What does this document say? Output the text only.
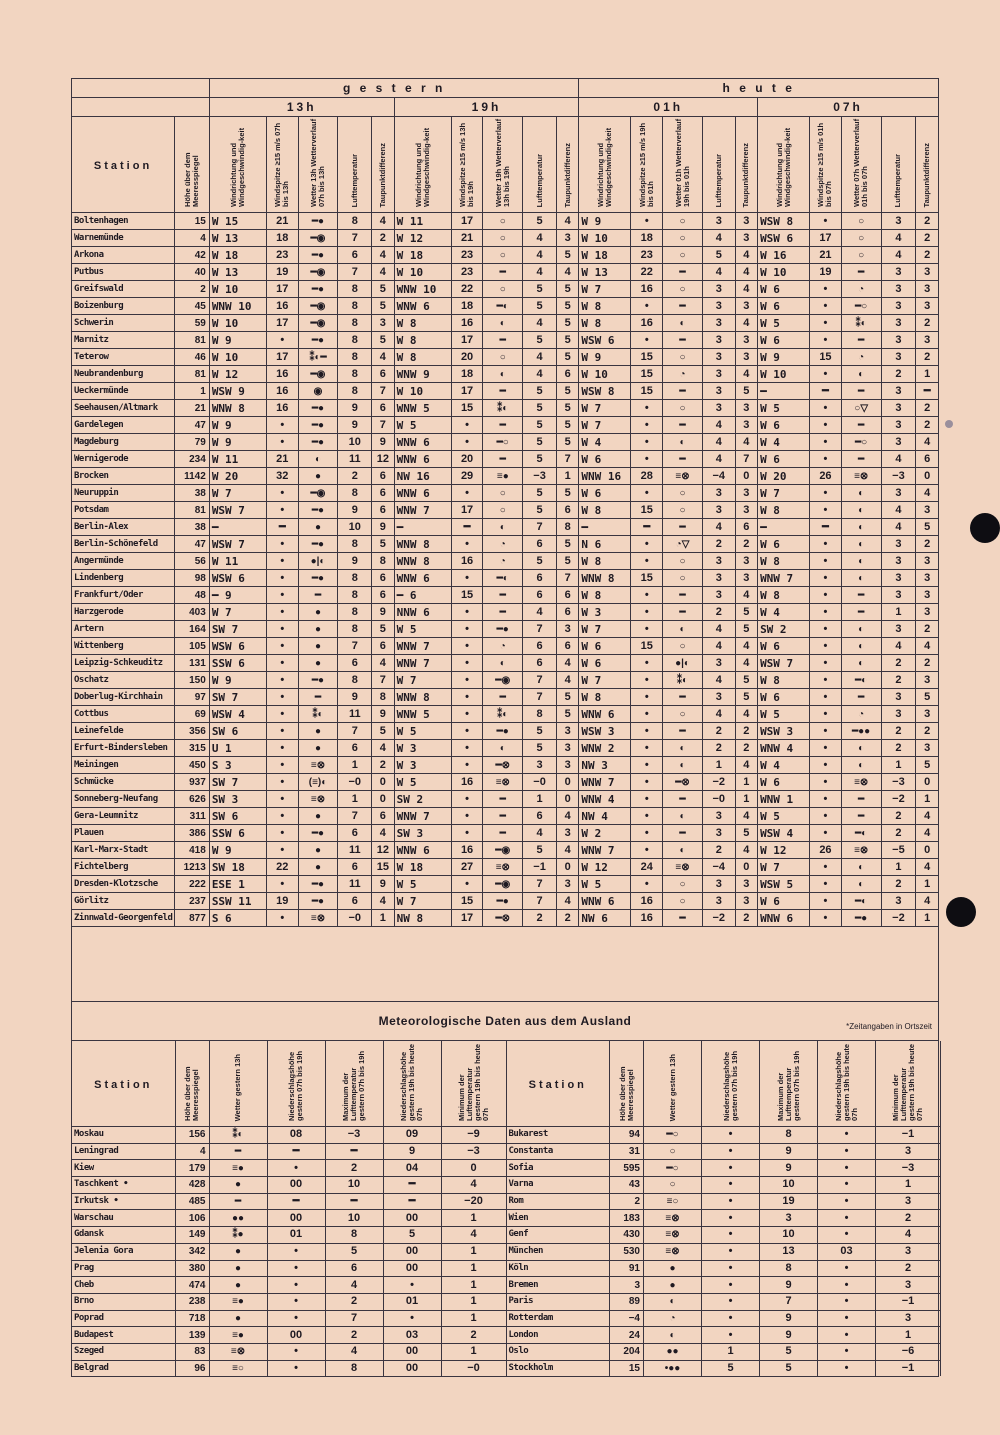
		g e s t e r n										h e u t e									
		13h					19h					01h					07h				
Station	Höhe über dem Meeresspiegel	Windrichtung und Windgeschwindig-keit	Windspitze ≥15 m/s 07h bis 13h	Wetter 13h Wetterverlauf 07h bis 13h	Lufttemperatur	Taupunktdifferenz	Windrichtung und Windgeschwindig-keit	Windspitze ≥15 m/s 13h bis 19h	Wetter 19h Wetterverlauf 13h bis 19h	Lufttemperatur	Taupunktdifferenz	Windrichtung und Windgeschwindig-keit	Windspitze ≥15 m/s 19h bis 01h	Wetter 01h Wetterverlauf 19h bis 01h	Lufttemperatur	Taupunktdifferenz	Windrichtung und Windgeschwindig-keit	Windspitze ≥15 m/s 01h bis 07h	Wetter 07h Wetterverlauf 01h bis 07h	Lufttemperatur	Taupunktdifferenz
Boltenhagen	15	W 15	21	━●	8	4	W 11	17	○	5	4	W 9	•	○	3	3	WSW 8	•	○	3	2
Warnemünde	4	W 13	18	━◉	7	2	W 12	21	○	4	3	W 10	18	○	4	3	WSW 6	17	○	4	2
Arkona	42	W 18	23	━●	6	4	W 18	23	○	4	5	W 18	23	○	5	4	W 16	21	○	4	2
Putbus	40	W 13	19	━◉	7	4	W 10	23	━	4	4	W 13	22	━	4	4	W 10	19	━	3	3
Greifswald	2	W 10	17	━●	8	5	WNW 10	22	○	5	5	W 7	16	○	3	4	W 6	•	◔	3	3
Boizenburg	45	WNW 10	16	━◉	8	5	WNW 6	18	━◐	5	5	W 8	•	━	3	3	W 6	•	━○	3	3
Schwerin	59	W 10	17	━◉	8	3	W 8	16	◐	4	5	W 8	16	◐	3	4	W 5	•	⁑◐	3	2
Marnitz	81	W 9	•	━●	8	5	W 8	17	━	5	5	WSW 6	•	━	3	3	W 6	•	━	3	3
Teterow	46	W 10	17	⁑◐━	8	4	W 8	20	○	4	5	W 9	15	○	3	3	W 9	15	◔	3	2
Neubrandenburg	81	W 12	16	━◉	8	6	WNW 9	18	◐	4	6	W 10	15	◔	3	4	W 10	•	◐	2	1
Ueckermünde	1	WSW 9	16	◉	8	7	W 10	17	━	5	5	WSW 8	15	━	3	5	━	━	━	3	━
Seehausen/Altmark	21	WNW 8	16	━●	9	6	WNW 5	15	⁑◐	5	5	W 7	•	○	3	3	W 5	•	○▽	3	2
Gardelegen	47	W 9	•	━●	9	7	W 5	•	━	5	5	W 7	•	━	4	3	W 6	•	━	3	2
Magdeburg	79	W 9	•	━●	10	9	WNW 6	•	━○	5	5	W 4	•	◐	4	4	W 4	•	━○	3	4
Wernigerode	234	W 11	21	◐	11	12	WNW 6	20	━	5	7	W 6	•	━	4	7	W 6	•	━	4	6
Brocken	1142	W 20	32	●	2	6	NW 16	29	≡●	−3	1	WNW 16	28	≡⊗	−4	0	W 20	26	≡⊗	−3	0
Neuruppin	38	W 7	•	━◉	8	6	WNW 6	•	○	5	5	W 6	•	○	3	3	W 7	•	◐	3	4
Potsdam	81	WSW 7	•	━●	9	6	WNW 7	17	○	5	6	W 8	15	○	3	3	W 8	•	◐	4	3
Berlin-Alex	38	━	━	●	10	9	━	━	◐	7	8	━	━	━	4	6	━	━	◐	4	5
Berlin-Schönefeld	47	WSW 7	•	━●	8	5	WNW 8	•	◔	6	5	N 6	•	◔▽	2	2	W 6	•	◐	3	2
Angermünde	56	W 11	•	●|◐	9	8	WNW 8	16	◔	5	5	W 8	•	○	3	3	W 8	•	◐	3	3
Lindenberg	98	WSW 6	•	━●	8	6	WNW 6	•	━◐	6	7	WNW 8	15	○	3	3	WNW 7	•	◐	3	3
Frankfurt/Oder	48	━ 9	•	━	8	6	━ 6	15	━	6	6	W 8	•	━	3	4	W 8	•	━	3	3
Harzgerode	403	W 7	•	●	8	9	NNW 6	•	━	4	6	W 3	•	━	2	5	W 4	•	━	1	3
Artern	164	SW 7	•	●	8	5	W 5	•	━●	7	3	W 7	•	◐	4	5	SW 2	•	◐	3	2
Wittenberg	105	WSW 6	•	●	7	6	WNW 7	•	◔	6	6	W 6	15	○	4	4	W 6	•	◐	4	4
Leipzig-Schkeuditz	131	SSW 6	•	●	6	4	WNW 7	•	◐	6	4	W 6	•	●|◐	3	4	WSW 7	•	◐	2	2
Oschatz	150	W 9	•	━●	8	7	W 7	•	━◉	7	4	W 7	•	⁑◐	4	5	W 8	•	━◐	2	3
Doberlug-Kirchhain	97	SW 7	•	━	9	8	WNW 8	•	━	7	5	W 8	•	━	3	5	W 6	•	━	3	5
Cottbus	69	WSW 4	•	⁑◐	11	9	WNW 5	•	⁑◐	8	5	WNW 6	•	○	4	4	W 5	•	◔	3	3
Leinefelde	356	SW 6	•	●	7	5	W 5	•	━●	5	3	WSW 3	•	━	2	2	WSW 3	•	━●●	2	2
Erfurt-Bindersleben	315	U 1	•	●	6	4	W 3	•	◐	5	3	WNW 2	•	◐	2	2	WNW 4	•	◐	2	3
Meiningen	450	S 3	•	≡⊗	1	2	W 3	•	━⊗	3	3	NW 3	•	◐	1	4	W 4	•	◐	1	5
Schmücke	937	SW 7	•	(≡)◐	−0	0	W 5	16	≡⊗	−0	0	WNW 7	•	━⊗	−2	1	W 6	•	≡⊗	−3	0
Sonneberg-Neufang	626	SW 3	•	≡⊗	1	0	SW 2	•	━	1	0	WNW 4	•	━	−0	1	WNW 1	•	━	−2	1
Gera-Leumnitz	311	SW 6	•	●	7	6	WNW 7	•	━	6	4	NW 4	•	◐	3	4	W 5	•	━	2	4
Plauen	386	SSW 6	•	━●	6	4	SW 3	•	━	4	3	W 2	•	━	3	5	WSW 4	•	━◐	2	4
Karl-Marx-Stadt	418	W 9	•	●	11	12	WNW 6	16	━◉	5	4	WNW 7	•	◐	2	4	W 12	26	≡⊗	−5	0
Fichtelberg	1213	SW 18	22	●	6	15	W 18	27	≡⊗	−1	0	W 12	24	≡⊗	−4	0	W 7	•	◐	1	4
Dresden-Klotzsche	222	ESE 1	•	━●	11	9	W 5	•	━◉	7	3	W 5	•	○	3	3	WSW 5	•	◐	2	1
Görlitz	237	SSW 11	19	━●	6	4	W 7	15	━●	7	4	WNW 6	16	○	3	3	W 6	•	━◐	3	4
Zinnwald-Georgenfeld	877	S 6	•	≡⊗	−0	1	NW 8	17	━⊗	2	2	NW 6	16	━	−2	2	WNW 6	•	━●	−2	1
Meteorologische Daten aus dem Ausland	*Zeitangaben in Ortszeit
Station	Höhe über dem Meeresspiegel	Wetter gestern 13h	Niederschlagshöhe gestern 07h bis 19h	Maximum der Lufttemperatur gestern 07h bis 19h	Niederschlagshöhe gestern 19h bis heute 07h	Minimum der Lufttemperatur gestern 19h bis heute 07h
Moskau	156	⁑◐	08	−3	09	−9
Leningrad	4	━	━	━	9	−3
Kiew	179	≡●	•	2	04	0
Taschkent •	428	●	00	10	━	4
Irkutsk •	485	━	━	━	━	−20
Warschau	106	●●	00	10	00	1
Gdansk	149	⁑●	01	8	5	4
Jelenia Gora	342	●	•	5	00	1
Prag	380	●	•	6	00	1
Cheb	474	●	•	4	•	1
Brno	238	≡●	•	2	01	1
Poprad	718	●	•	7	•	1
Budapest	139	≡●	00	2	03	2
Szeged	83	≡⊗	•	4	00	1
Belgrad	96	≡○	•	8	00	−0
Station	Höhe über dem Meeresspiegel	Wetter gestern 13h	Niederschlagshöhe gestern 07h bis 19h	Maximum der Lufttemperatur gestern 07h bis 19h	Niederschlagshöhe gestern 19h bis heute 07h	Minimum der Lufttemperatur gestern 19h bis heute 07h
Bukarest	94	━○	•	8	•	−1
Constanta	31	○	•	9	•	3
Sofia	595	━○	•	9	•	−3
Varna	43	○	•	10	•	1
Rom	2	≡○	•	19	•	3
Wien	183	≡⊗	•	3	•	2
Genf	430	≡⊗	•	10	•	4
München	530	≡⊗	•	13	03	3
Köln	91	●	•	8	•	2
Bremen	3	●	•	9	•	3
Paris	89	◐	•	7	•	−1
Rotterdam	−4	◔	•	9	•	3
London	24	◐	•	9	•	1
Oslo	204	●●	1	5	•	−6
Stockholm	15	•●●	5	5	•	−1
